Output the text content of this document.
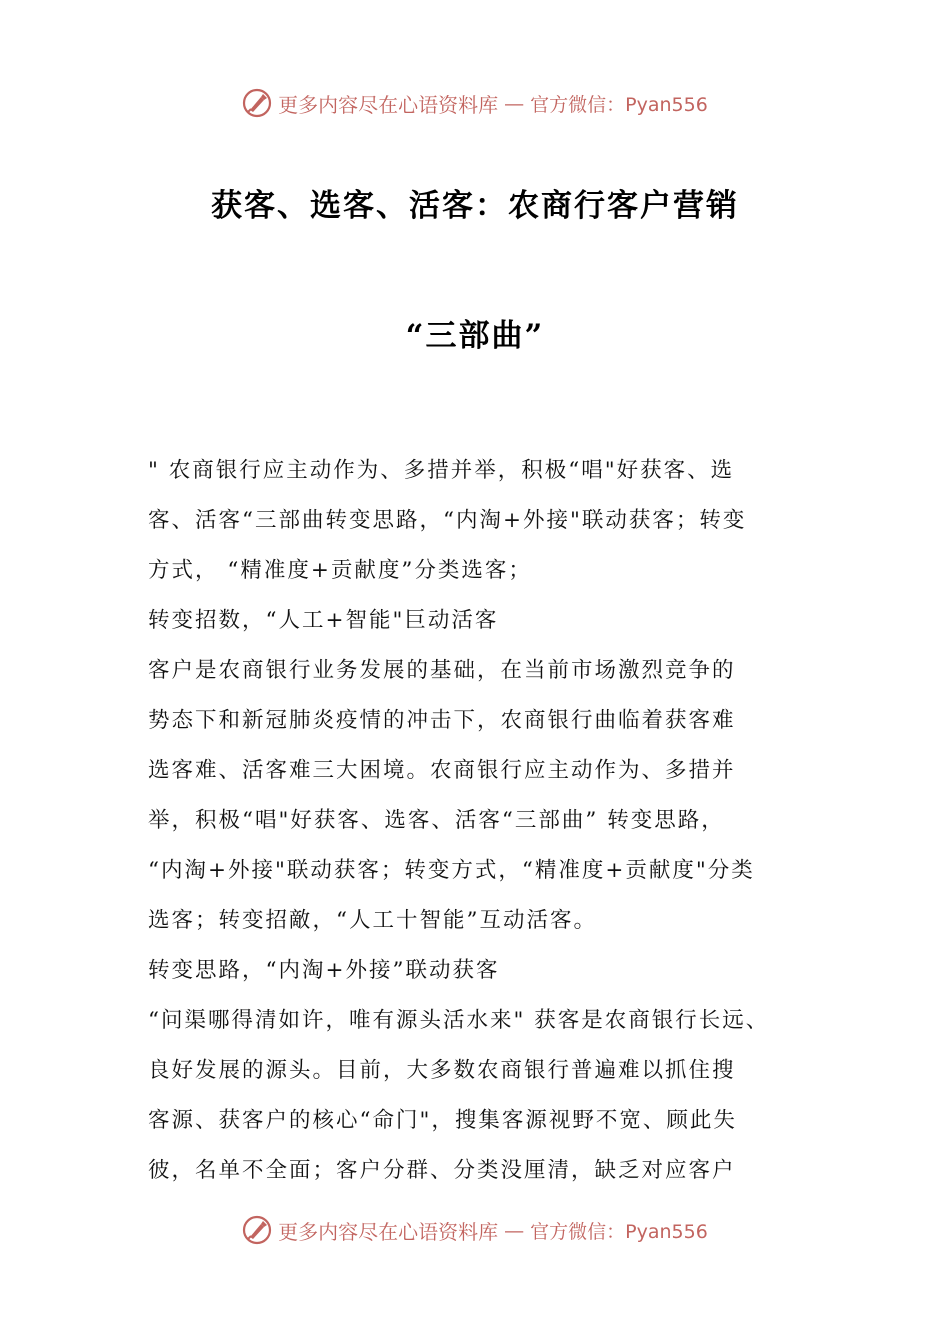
更多内容尽在心语资料库 — 官方微信：Pyan556
获客、选客、活客：农商行客户营销
“三部曲”

" 农商银行应主动作为、多措并举，积极“唱"好获客、选

客、活客“三部曲转变思路，“内淘+外接"联动获客；转变

方式， “精准度+贡献度”分类选客；

转变招数，“人工+智能"巨动活客

客户是农商银行业务发展的基础，在当前市场激烈竞争的

势态下和新冠肺炎疫情的冲击下，农商银行曲临着获客难

选客难、活客难三大困境。农商银行应主动作为、多措并

举，积极“唱"好获客、选客、活客“三部曲” 转变思路，

“内淘+外接"联动获客；转变方式，“精准度+贡献度"分类

选客；转变招敵，“人工十智能”互动活客。

转变思路，“内淘+外接”联动获客

“问渠哪得清如许，唯有源头活水来" 获客是农商银行长远、

良好发展的源头。目前，大多数农商银行普遍难以抓住搜

客源、获客户的核心“命门"，搜集客源视野不宽、顾此失

彼，名单不全面；客户分群、分类没厘清，缺乏对应客户

更多内容尽在心语资料库 — 官方微信：Pyan556
